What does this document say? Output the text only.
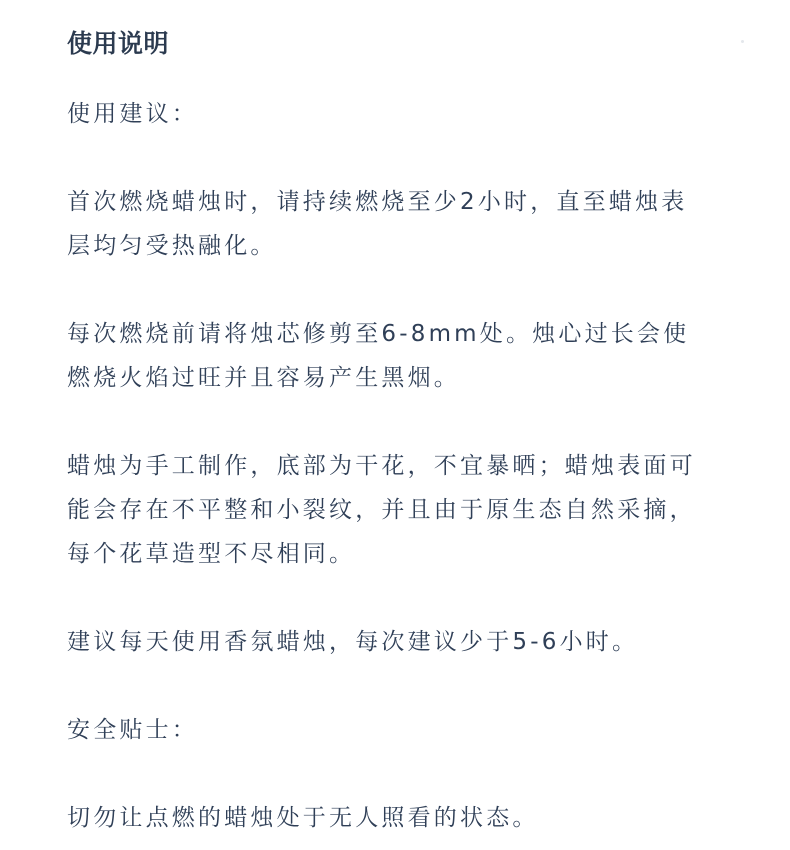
使用说明
使用建议：
首次燃烧蜡烛时，请持续燃烧至少2小时，直至蜡烛表
层均匀受热融化。
每次燃烧前请将烛芯修剪至6-8mm处。烛心过长会使
燃烧火焰过旺并且容易产生黑烟。
蜡烛为手工制作，底部为干花，不宜暴晒；蜡烛表面可
能会存在不平整和小裂纹，并且由于原生态自然采摘，
每个花草造型不尽相同。
建议每天使用香氛蜡烛，每次建议少于5-6小时。
安全贴士：
切勿让点燃的蜡烛处于无人照看的状态。
